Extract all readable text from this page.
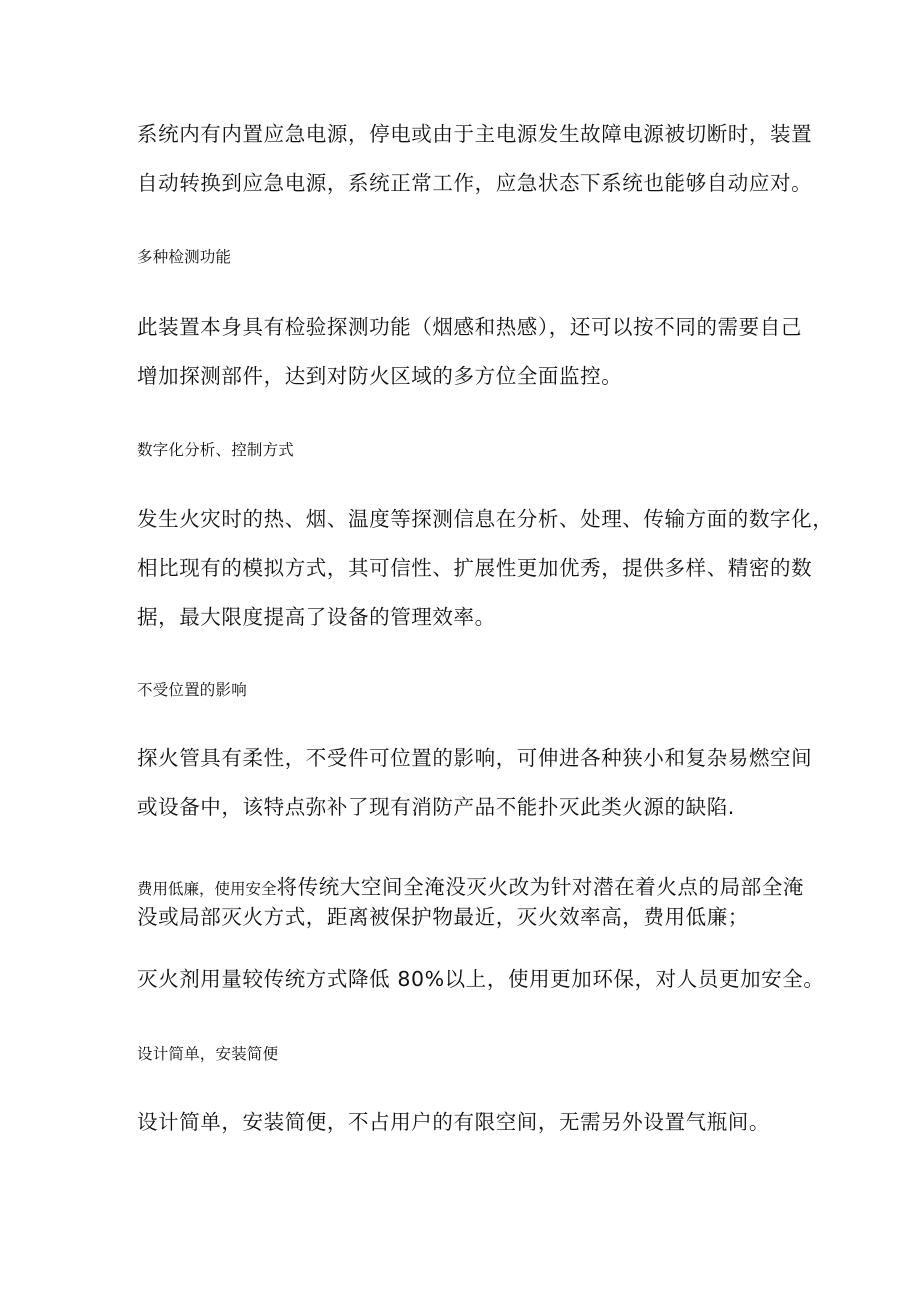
系统内有内置应急电源，停电或由于主电源发生故障电源被切断时，装置

自动转换到应急电源，系统正常工作，应急状态下系统也能够自动应对。

多种检测功能

此装置本身具有检验探测功能（烟感和热感），还可以按不同的需要自己

增加探测部件，达到对防火区域的多方位全面监控。

数字化分析、控制方式

发生火灾时的热、烟、温度等探测信息在分析、处理、传输方面的数字化，

相比现有的模拟方式，其可信性、扩展性更加优秀，提供多样、精密的数

据，最大限度提高了设备的管理效率。

不受位置的影响

探火管具有柔性，不受件可位置的影响，可伸进各种狭小和复杂易燃空间

或设备中，该特点弥补了现有消防产品不能扑灭此类火源的缺陷.

费用低廉，使用安全将传统大空间全淹没灭火改为针对潜在着火点的局部全淹

没或局部灭火方式，距离被保护物最近，灭火效率高，费用低廉；

灭火剂用量较传统方式降低 80%以上，使用更加环保，对人员更加安全。

设计简单，安装简便

设计简单，安装简便，不占用户的有限空间，无需另外设置气瓶间。
